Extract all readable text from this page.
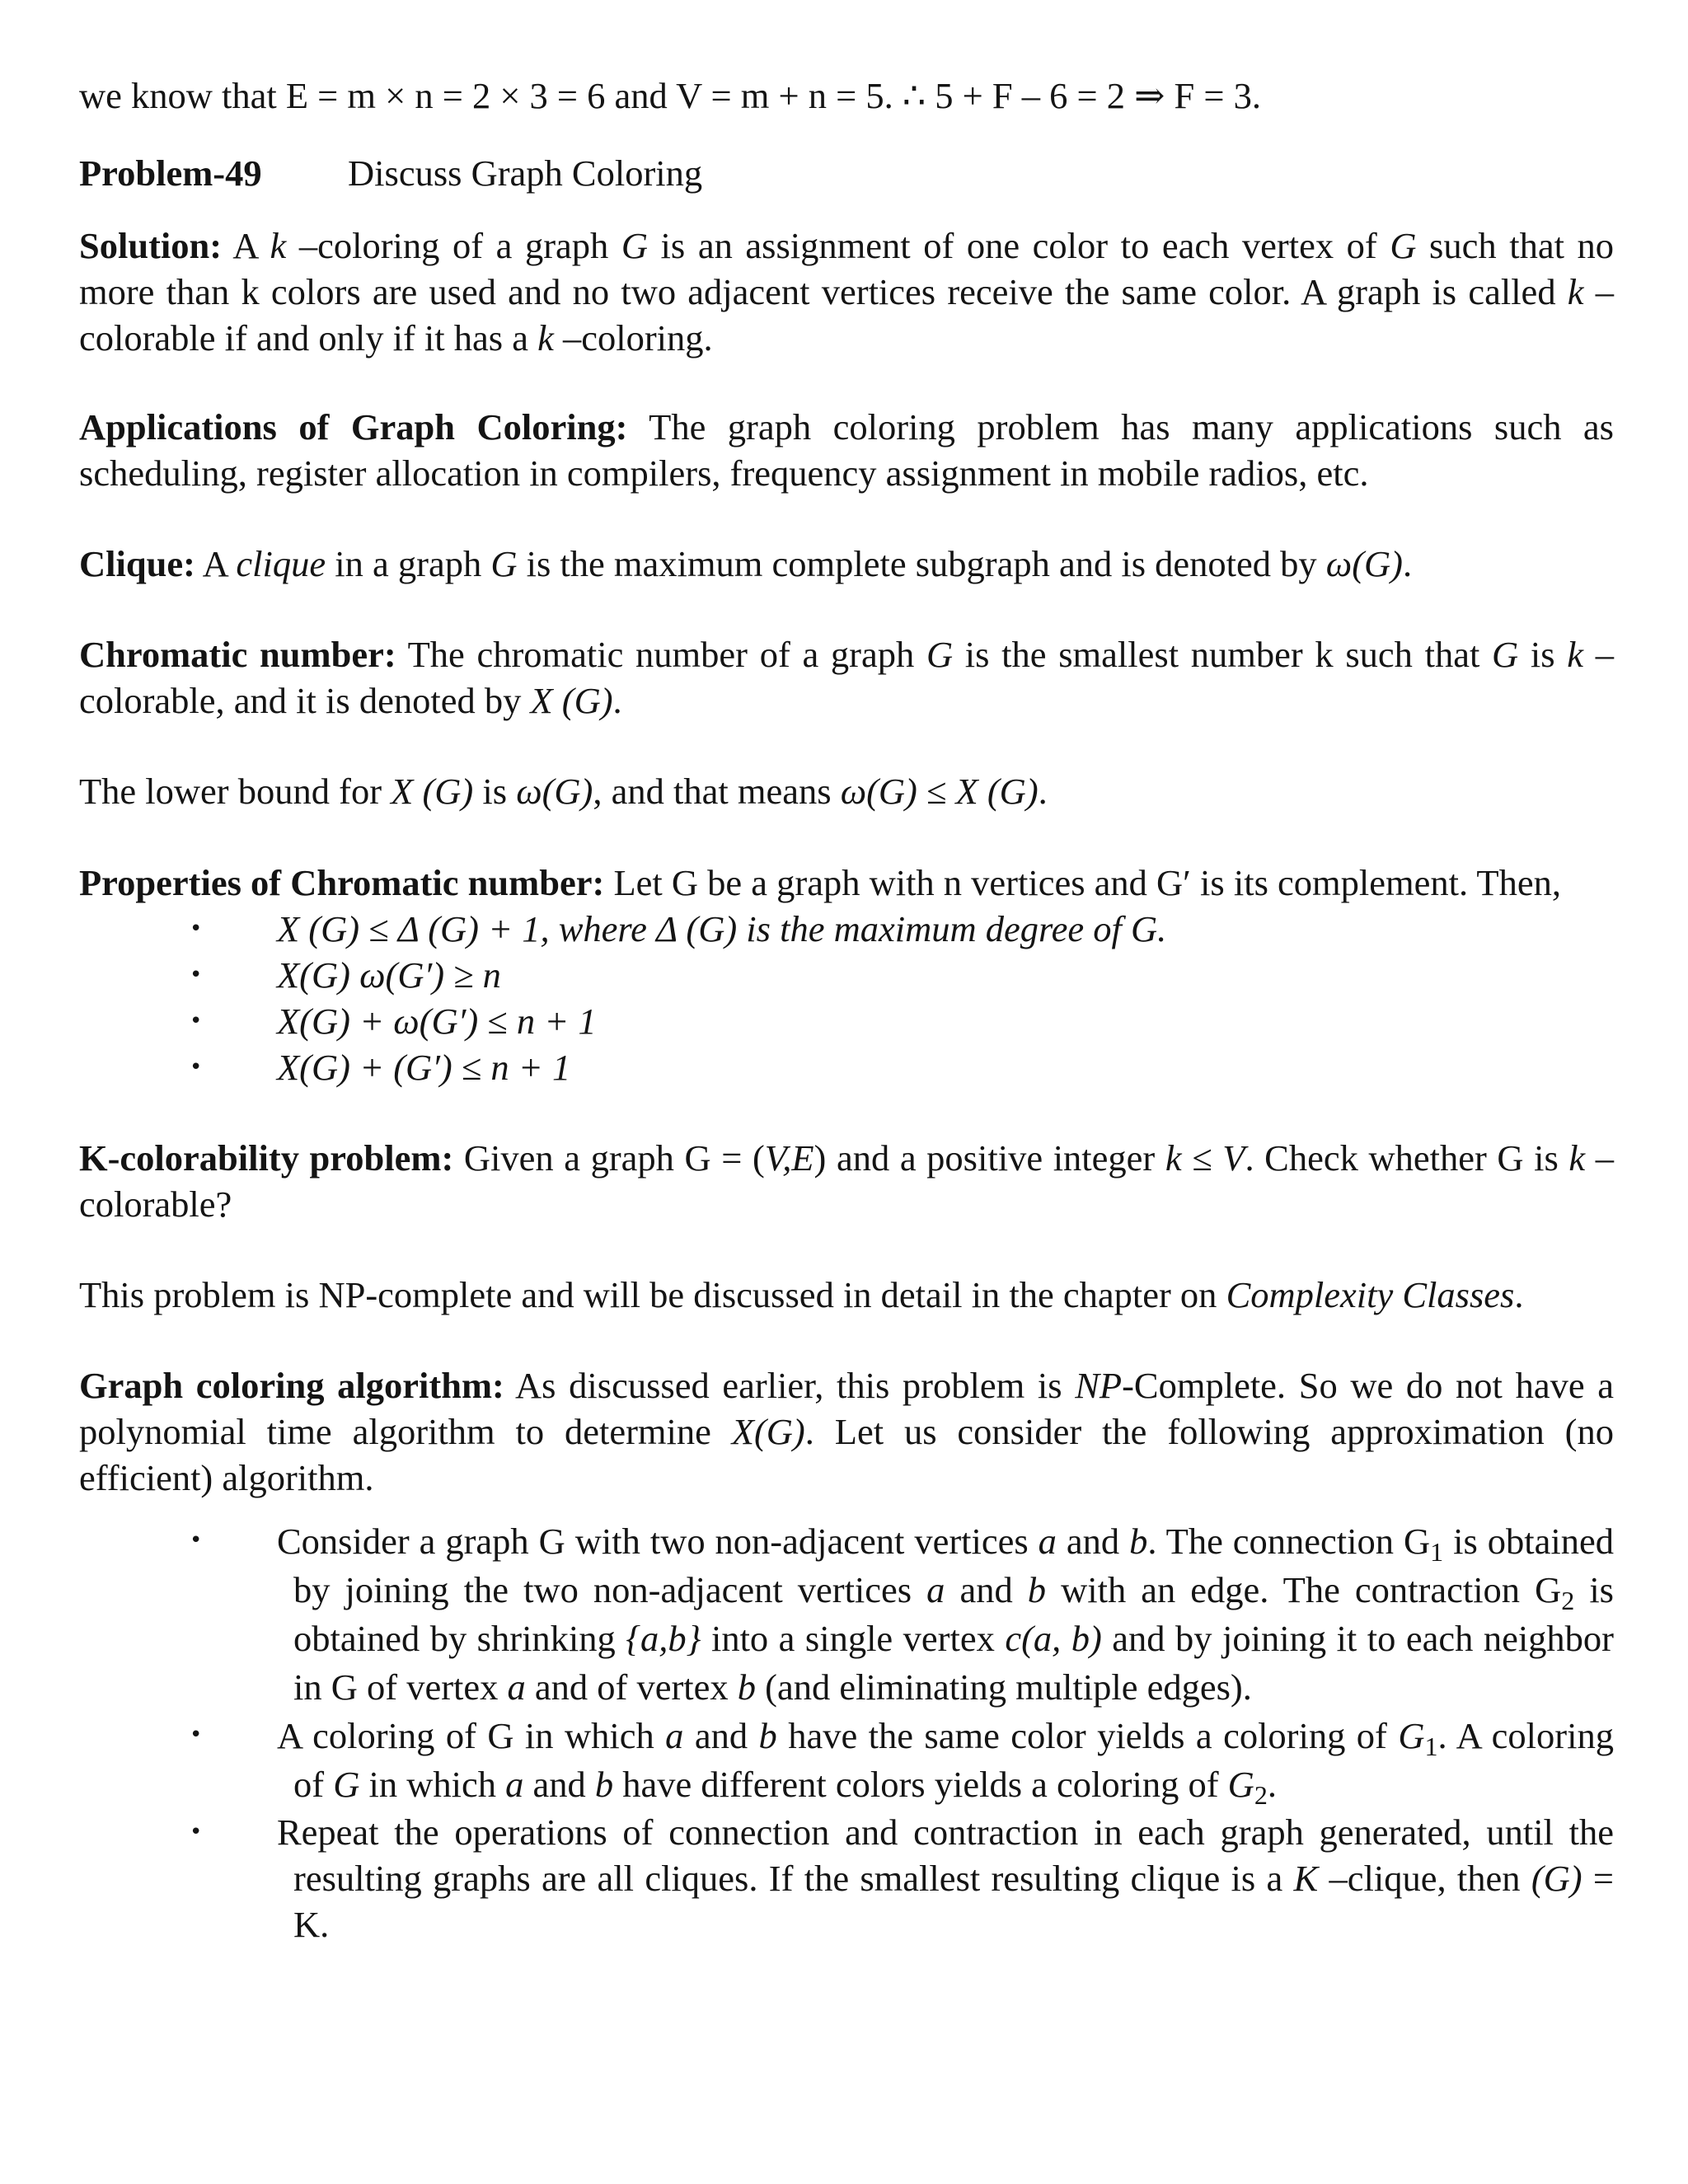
we know that E = m × n = 2 × 3 = 6 and V = m + n = 5. ∴ 5 + F – 6 = 2 ⇒ F = 3.

Problem-49 Discuss Graph Coloring

Solution: A k –coloring of a graph G is an assignment of one color to each vertex of G such that no more than k colors are used and no two adjacent vertices receive the same color. A graph is called k –colorable if and only if it has a k –coloring.

Applications of Graph Coloring: The graph coloring problem has many applications such as scheduling, register allocation in compilers, frequency assignment in mobile radios, etc.

Clique: A clique in a graph G is the maximum complete subgraph and is denoted by ω(G).

Chromatic number: The chromatic number of a graph G is the smallest number k such that G is k –colorable, and it is denoted by X (G).

The lower bound for X (G) is ω(G), and that means ω(G) ≤ X (G).

Properties of Chromatic number: Let G be a graph with n vertices and G′ is its complement. Then,

• X (G) ≤ Δ (G) + 1, where Δ (G) is the maximum degree of G.
• X(G) ω(G′) ≥ n
• X(G) + ω(G′) ≤ n + 1
• X(G) + (G′) ≤ n + 1

K-colorability problem: Given a graph G = (V,E) and a positive integer k ≤ V. Check whether G is k –colorable?

This problem is NP-complete and will be discussed in detail in the chapter on Complexity Classes.

Graph coloring algorithm: As discussed earlier, this problem is NP-Complete. So we do not have a polynomial time algorithm to determine X(G). Let us consider the following approximation (no efficient) algorithm.

• Consider a graph G with two non-adjacent vertices a and b. The connection $G_1$ is obtained by joining the two non-adjacent vertices a and b with an edge. The contraction $G_2$ is obtained by shrinking {a,b} into a single vertex c(a, b) and by joining it to each neighbor in G of vertex a and of vertex b (and eliminating multiple edges).
• A coloring of G in which a and b have the same color yields a coloring of $G_1$. A coloring of G in which a and b have different colors yields a coloring of $G_2$.
• Repeat the operations of connection and contraction in each graph generated, until the resulting graphs are all cliques. If the smallest resulting clique is a K –clique, then (G) = K.
